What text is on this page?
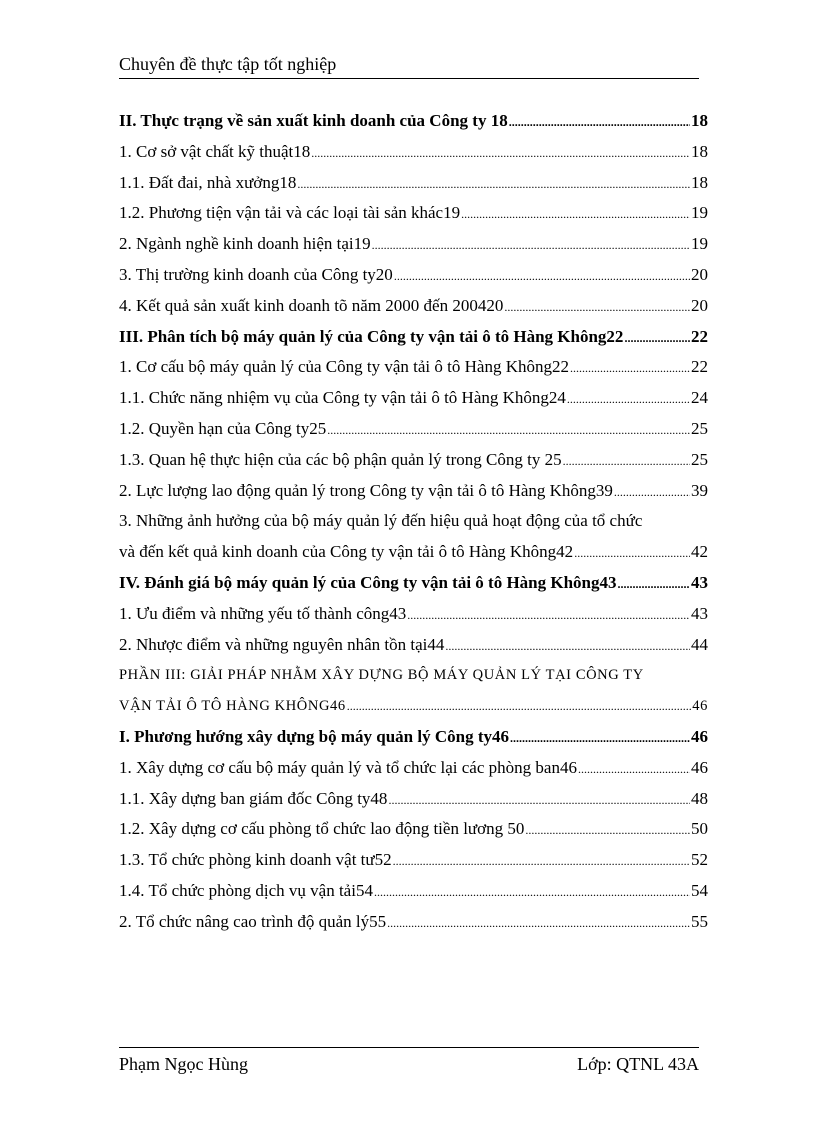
Chuyên đề thực tập tốt nghiệp
II. Thực trạng về sản xuất kinh doanh của Công ty 18 .....	18
1. Cơ sở vật chất kỹ thuật18 .....	18
1.1. Đất đai, nhà xưởng18 .....	18
1.2. Phương tiện vận tải và các loại tài sản khác19 .....	19
2. Ngành nghề kinh doanh hiện tại19 .....	19
3. Thị trường kinh doanh của Công ty20 .....	20
4. Kết quả sản xuất kinh doanh tõ năm 2000 đến 200420 .....	20
III. Phân tích bộ máy quản lý của Công ty vận tải ô tô Hàng Không22 .....	22
1. Cơ cấu bộ máy quản lý của Công ty vận tải ô tô Hàng Không22 .....	22
1.1. Chức năng nhiệm vụ của Công ty vận tải ô tô Hàng Không24 .....	24
1.2. Quyền hạn của Công ty25 .....	25
1.3. Quan hệ thực hiện của các bộ phận quản lý trong Công ty 25 .....	25
2. Lực lượng lao động quản lý trong Công ty vận tải ô tô Hàng Không39 .....	39
3. Những ảnh hưởng của bộ máy quản lý đến hiệu quả hoạt động của tổ chức
và đến kết quả kinh doanh của Công ty vận tải ô tô Hàng Không42 .....	42
IV. Đánh giá bộ máy quản lý của Công ty vận tải ô tô Hàng Không43 .....	43
1. Ưu điểm và những yếu tố thành công43 .....	43
2. Nhược điểm và những nguyên nhân tồn tại44 .....	44
PHẦN III: GIẢI PHÁP NHẰM XÂY DỰNG BỘ MÁY QUẢN LÝ TẠI CÔNG TY
VẬN TẢI Ô TÔ HÀNG KHÔNG46 .....	46
I. Phương hướng xây dựng bộ máy quản lý Công ty46 .....	46
1. Xây dựng cơ cấu bộ máy quản lý và tổ chức lại các phòng ban46 .....	46
1.1. Xây dựng ban giám đốc Công ty48 .....	48
1.2. Xây dựng cơ cấu phòng tổ chức lao động tiền lương 50 .....	50
1.3. Tổ chức phòng kinh doanh vật tư52 .....	52
1.4. Tổ chức phòng dịch vụ vận tải54 .....	54
2. Tổ chức nâng cao trình độ quản lý55 .....	55
Phạm Ngọc Hùng	Lớp: QTNL 43A
